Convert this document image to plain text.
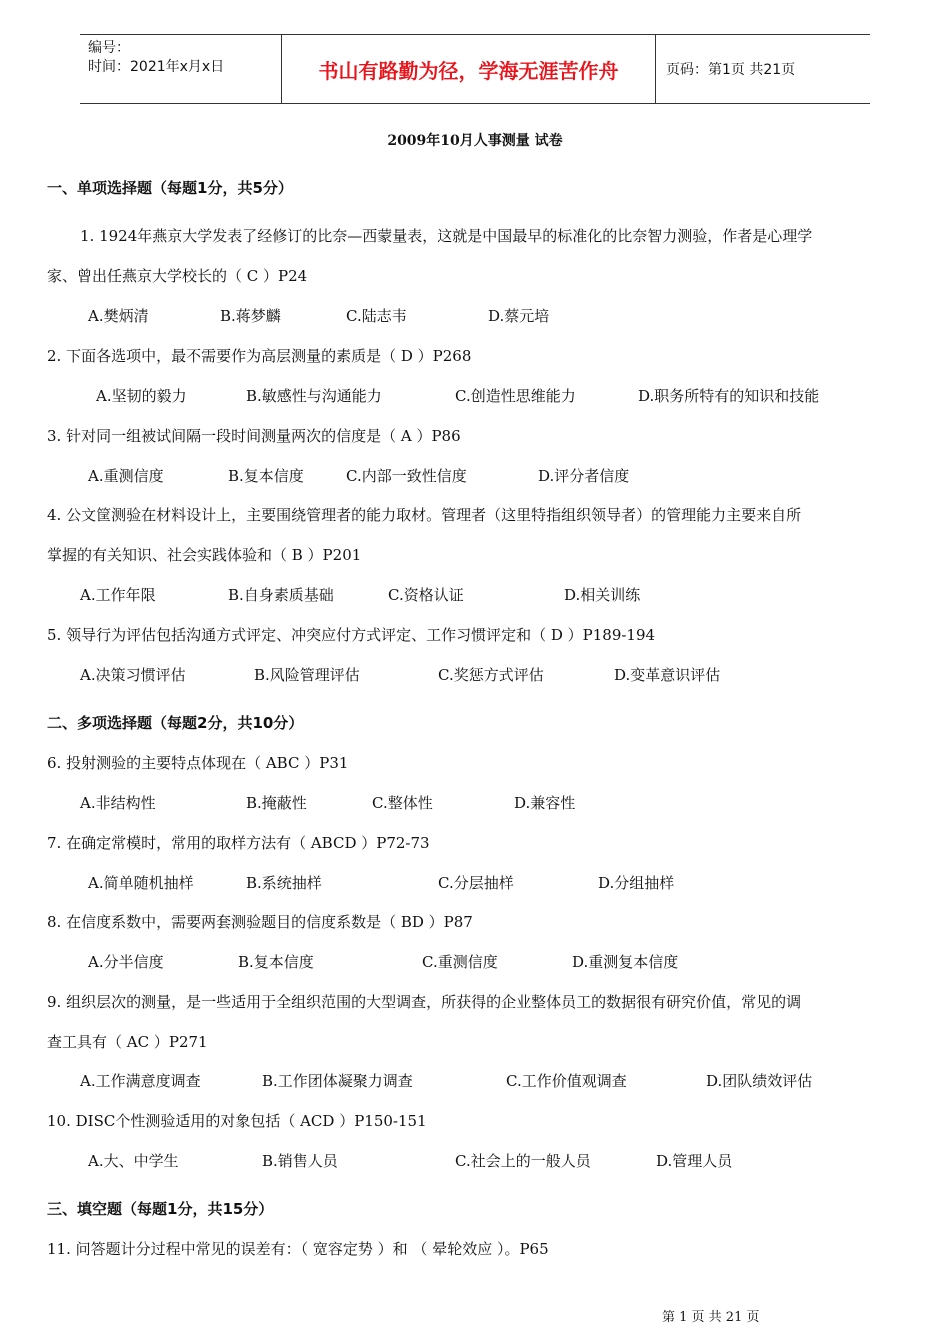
编号：
时间：2021年x月x日	书山有路勤为径，学海无涯苦作舟	页码：第1页 共21页
2009年10月人事测量 试卷
一、单项选择题（每题1分，共5分）
1. 1924年燕京大学发表了经修订的比奈—西蒙量表，这就是中国最早的标准化的比奈智力测验，作者是心理学
家、曾出任燕京大学校长的（ C ）P24
A.樊炳清	B.蒋梦麟	C.陆志韦	D.蔡元培
2. 下面各选项中，最不需要作为高层测量的素质是（ D ）P268
A.坚韧的毅力	B.敏感性与沟通能力	C.创造性思维能力	D.职务所特有的知识和技能
3. 针对同一组被试间隔一段时间测量两次的信度是（ A ）P86
A.重测信度	B.复本信度	C.内部一致性信度	D.评分者信度
4. 公文筐测验在材料设计上，主要围绕管理者的能力取材。管理者（这里特指组织领导者）的管理能力主要来自所
掌握的有关知识、社会实践体验和（ B ）P201
A.工作年限	B.自身素质基础	C.资格认证	D.相关训练
5. 领导行为评估包括沟通方式评定、冲突应付方式评定、工作习惯评定和（ D ）P189-194
A.决策习惯评估	B.风险管理评估	C.奖惩方式评估	D.变革意识评估
二、多项选择题（每题2分，共10分）
6. 投射测验的主要特点体现在（ ABC ）P31
A.非结构性	B.掩蔽性	C.整体性	D.兼容性
7. 在确定常模时，常用的取样方法有（ ABCD ）P72-73
A.简单随机抽样	B.系统抽样	C.分层抽样	D.分组抽样
8. 在信度系数中，需要两套测验题目的信度系数是（ BD ）P87
A.分半信度	B.复本信度	C.重测信度	D.重测复本信度
9. 组织层次的测量，是一些适用于全组织范围的大型调查，所获得的企业整体员工的数据很有研究价值，常见的调
查工具有（ AC ）P271
A.工作满意度调查	B.工作团体凝聚力调查	C.工作价值观调查	D.团队绩效评估
10. DISC个性测验适用的对象包括（ ACD ）P150-151
A.大、中学生	B.销售人员	C.社会上的一般人员	D.管理人员
三、填空题（每题1分，共15分）
11. 问答题计分过程中常见的误差有：（ 宽容定势 ）和 （ 晕轮效应 ）。P65
第 1 页 共 21 页
